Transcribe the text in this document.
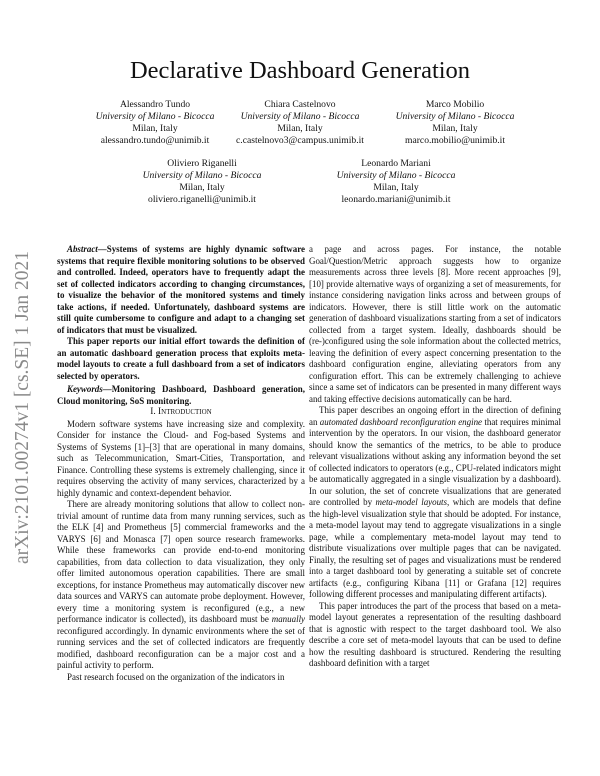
Declarative Dashboard Generation
Alessandro Tundo
University of Milano - Bicocca
Milan, Italy
alessandro.tundo@unimib.it
Chiara Castelnovo
University of Milano - Bicocca
Milan, Italy
c.castelnovo3@campus.unimib.it
Marco Mobilio
University of Milano - Bicocca
Milan, Italy
marco.mobilio@unimib.it
Oliviero Riganelli
University of Milano - Bicocca
Milan, Italy
oliviero.riganelli@unimib.it
Leonardo Mariani
University of Milano - Bicocca
Milan, Italy
leonardo.mariani@unimib.it
arXiv:2101.00274v1 [cs.SE] 1 Jan 2021

Abstract—Systems of systems are highly dynamic software systems that require flexible monitoring solutions to be observed and controlled. Indeed, operators have to frequently adapt the set of collected indicators according to changing circumstances, to visualize the behavior of the monitored systems and timely take actions, if needed. Unfortunately, dashboard systems are still quite cumbersome to configure and adapt to a changing set of indicators that must be visualized.

This paper reports our initial effort towards the definition of an automatic dashboard generation process that exploits meta-model layouts to create a full dashboard from a set of indicators selected by operators.

Keywords—Monitoring Dashboard, Dashboard generation, Cloud monitoring, SoS monitoring.

I. Introduction

Modern software systems have increasing size and complexity. Consider for instance the Cloud- and Fog-based Systems and Systems of Systems [1]–[3] that are operational in many domains, such as Telecommunication, Smart-Cities, Transportation, and Finance. Controlling these systems is extremely challenging, since it requires observing the activity of many services, characterized by a highly dynamic and context-dependent behavior.

There are already monitoring solutions that allow to collect non-trivial amount of runtime data from many running services, such as the ELK [4] and Prometheus [5] commercial frameworks and the VARYS [6] and Monasca [7] open source research frameworks. While these frameworks can provide end-to-end monitoring capabilities, from data collection to data visualization, they only offer limited autonomous operation capabilities. There are small exceptions, for instance Prometheus may automatically discover new data sources and VARYS can automate probe deployment. However, every time a monitoring system is reconfigured (e.g., a new performance indicator is collected), its dashboard must be manually reconfigured accordingly. In dynamic environments where the set of running services and the set of collected indicators are frequently modified, dashboard reconfiguration can be a major cost and a painful activity to perform.

Past research focused on the organization of the indicators in

a page and across pages. For instance, the notable Goal/Question/Metric approach suggests how to organize measurements across three levels [8]. More recent approaches [9], [10] provide alternative ways of organizing a set of measurements, for instance considering navigation links across and between groups of indicators. However, there is still little work on the automatic generation of dashboard visualizations starting from a set of indicators collected from a target system. Ideally, dashboards should be (re-)configured using the sole information about the collected metrics, leaving the definition of every aspect concerning presentation to the dashboard configuration engine, alleviating operators from any configuration effort. This can be extremely challenging to achieve since a same set of indicators can be presented in many different ways and taking effective decisions automatically can be hard.

This paper describes an ongoing effort in the direction of defining an automated dashboard reconfiguration engine that requires minimal intervention by the operators. In our vision, the dashboard generator should know the semantics of the metrics, to be able to produce relevant visualizations without asking any information beyond the set of collected indicators to operators (e.g., CPU-related indicators might be automatically aggregated in a single visualization by a dashboard). In our solution, the set of concrete visualizations that are generated are controlled by meta-model layouts, which are models that define the high-level visualization style that should be adopted. For instance, a meta-model layout may tend to aggregate visualizations in a single page, while a complementary meta-model layout may tend to distribute visualizations over multiple pages that can be navigated. Finally, the resulting set of pages and visualizations must be rendered into a target dashboard tool by generating a suitable set of concrete artifacts (e.g., configuring Kibana [11] or Grafana [12] requires following different processes and manipulating different artifacts).

This paper introduces the part of the process that based on a meta-model layout generates a representation of the resulting dashboard that is agnostic with respect to the target dashboard tool. We also describe a core set of meta-model layouts that can be used to define how the resulting dashboard is structured. Rendering the resulting dashboard definition with a target
